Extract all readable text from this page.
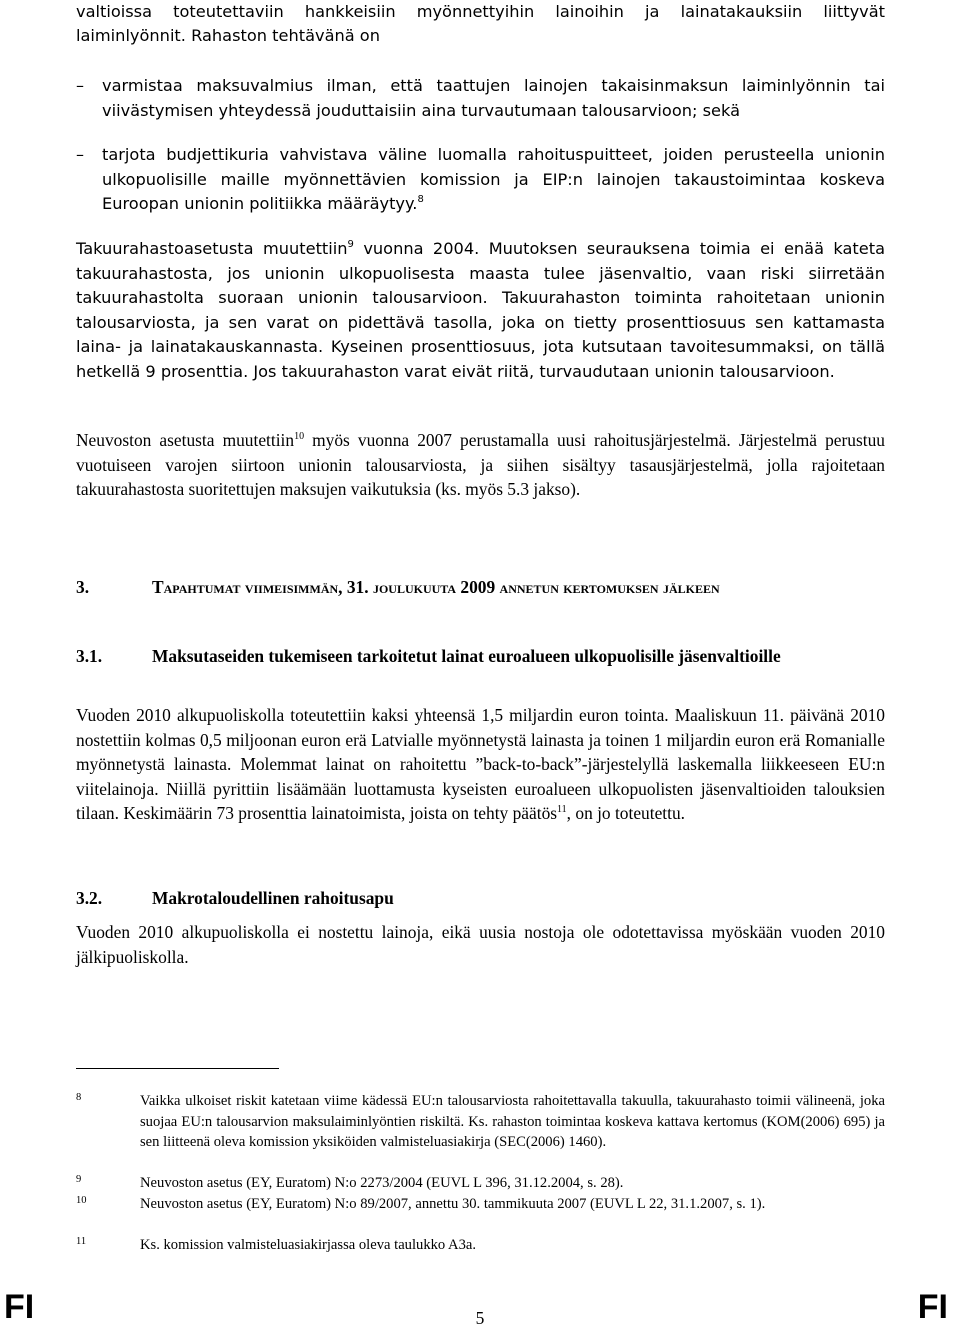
valtioissa toteutettaviin hankkeisiin myönnettyihin lainoihin ja lainatakauksiin liittyvät

laiminlyönnit. Rahaston tehtävänä on

– varmistaa maksuvalmius ilman, että taattujen lainojen takaisinmaksun laiminlyönnin tai viivästymisen yhteydessä jouduttaisiin aina turvautumaan talousarvioon; sekä

– tarjota budjettikuria vahvistava väline luomalla rahoituspuitteet, joiden perusteella unionin ulkopuolisille maille myönnettävien komission ja EIP:n lainojen takaustoimintaa koskeva Euroopan unionin politiikka määräytyy.$^8$

Takuurahastoasetusta muutettiin$^9$ vuonna 2004. Muutoksen seurauksena toimia ei enää kateta takuurahastosta, jos unionin ulkopuolisesta maasta tulee jäsenvaltio, vaan riski siirretään takuurahastolta suoraan unionin talousarvioon. Takuurahaston toiminta rahoitetaan unionin talousarviosta, ja sen varat on pidettävä tasolla, joka on tietty prosenttiosuus sen kattamasta laina- ja lainatakauskannasta. Kyseinen prosenttiosuus, jota kutsutaan tavoitesummaksi, on tällä hetkellä 9 prosenttia. Jos takuurahaston varat eivät riitä, turvaudutaan unionin talousarvioon.

Neuvoston asetusta muutettiin$^{10}$ myös vuonna 2007 perustamalla uusi rahoitusjärjestelmä. Järjestelmä perustuu vuotuiseen varojen siirtoon unionin talousarviosta, ja siihen sisältyy tasausjärjestelmä, jolla rajoitetaan takuurahastosta suoritettujen maksujen vaikutuksia (ks. myös 5.3 jakso).

3.	Tapahtumat viimeisimmän, 31. joulukuuta 2009 annetun kertomuksen jälkeen
3.1.	Maksutaseiden tukemiseen tarkoitetut lainat euroalueen ulkopuolisille jäsenvaltioille

Vuoden 2010 alkupuoliskolla toteutettiin kaksi yhteensä 1,5 miljardin euron tointa. Maaliskuun 11. päivänä 2010 nostettiin kolmas 0,5 miljoonan euron erä Latvialle myönnetystä lainasta ja toinen 1 miljardin euron erä Romanialle myönnetystä lainasta. Molemmat lainat on rahoitettu ”back-to-back”-järjestelyllä laskemalla liikkeeseen EU:n viitelainoja. Niillä pyrittiin lisäämään luottamusta kyseisten euroalueen ulkopuolisten jäsenvaltioiden talouksien tilaan. Keskimäärin 73 prosenttia lainatoimista, joista on tehty päätös$^{11}$, on jo toteutettu.

3.2.	Makrotaloudellinen rahoitusapu

Vuoden 2010 alkupuoliskolla ei nostettu lainoja, eikä uusia nostoja ole odotettavissa myöskään vuoden 2010 jälkipuoliskolla.

8	Vaikka ulkoiset riskit katetaan viime kädessä EU:n talousarviosta rahoitettavalla takuulla, takuurahasto toimii välineenä, joka suojaa EU:n talousarvion maksulaiminlyöntien riskiltä. Ks. rahaston toimintaa koskeva kattava kertomus (KOM(2006) 695) ja sen liitteenä oleva komission yksiköiden valmisteluasiakirja (SEC(2006) 1460).
9	Neuvoston asetus (EY, Euratom) N:o 2273/2004 (EUVL L 396, 31.12.2004, s. 28).
10	Neuvoston asetus (EY, Euratom) N:o 89/2007, annettu 30. tammikuuta 2007 (EUVL L 22, 31.1.2007, s. 1).
11	Ks. komission valmisteluasiakirjassa oleva taulukko A3a.
FI	5	FI
